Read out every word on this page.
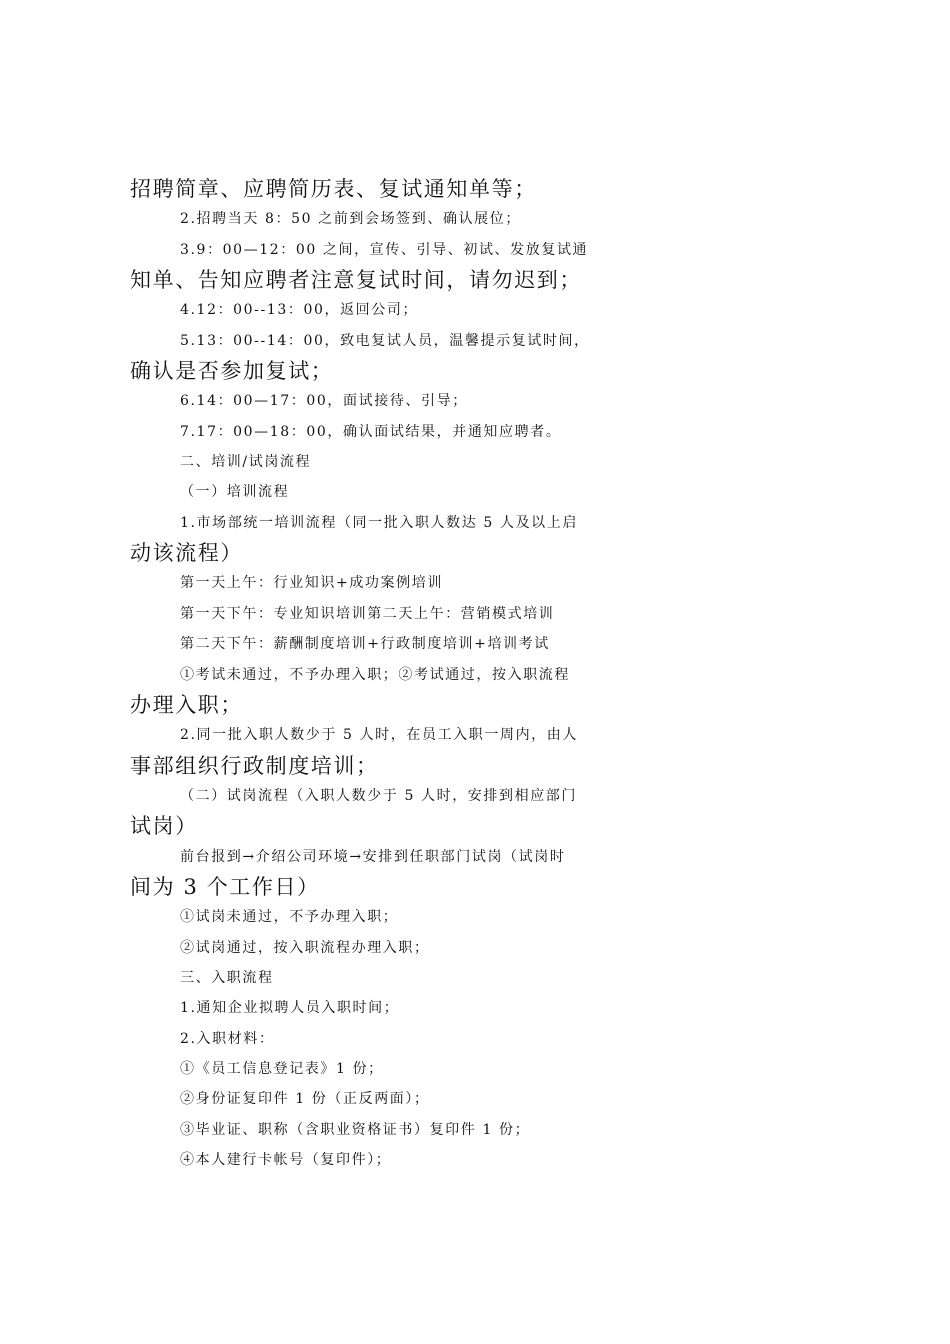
招聘简章、应聘简历表、复试通知单等；
2.招聘当天 8：50 之前到会场签到、确认展位；
3.9：00—12：00 之间，宣传、引导、初试、发放复试通
知单、告知应聘者注意复试时间，请勿迟到；
4.12：00--13：00，返回公司；
5.13：00--14：00，致电复试人员，温馨提示复试时间，
确认是否参加复试；
6.14：00—17：00，面试接待、引导；
7.17：00—18：00，确认面试结果，并通知应聘者。
二、培训/试岗流程
（一）培训流程
1.市场部统一培训流程（同一批入职人数达 5 人及以上启
动该流程）
第一天上午：行业知识+成功案例培训
第一天下午：专业知识培训第二天上午：营销模式培训
第二天下午：薪酬制度培训+行政制度培训+培训考试
①考试未通过，不予办理入职；②考试通过，按入职流程
办理入职；
2.同一批入职人数少于 5 人时，在员工入职一周内，由人
事部组织行政制度培训；
（二）试岗流程（入职人数少于 5 人时，安排到相应部门
试岗）
前台报到→介绍公司环境→安排到任职部门试岗（试岗时
间为 3 个工作日）
①试岗未通过，不予办理入职；
②试岗通过，按入职流程办理入职；
三、入职流程
1.通知企业拟聘人员入职时间；
2.入职材料：
①《员工信息登记表》1 份；
②身份证复印件 1 份（正反两面）；
③毕业证、职称（含职业资格证书）复印件 1 份；
④本人建行卡帐号（复印件）；
